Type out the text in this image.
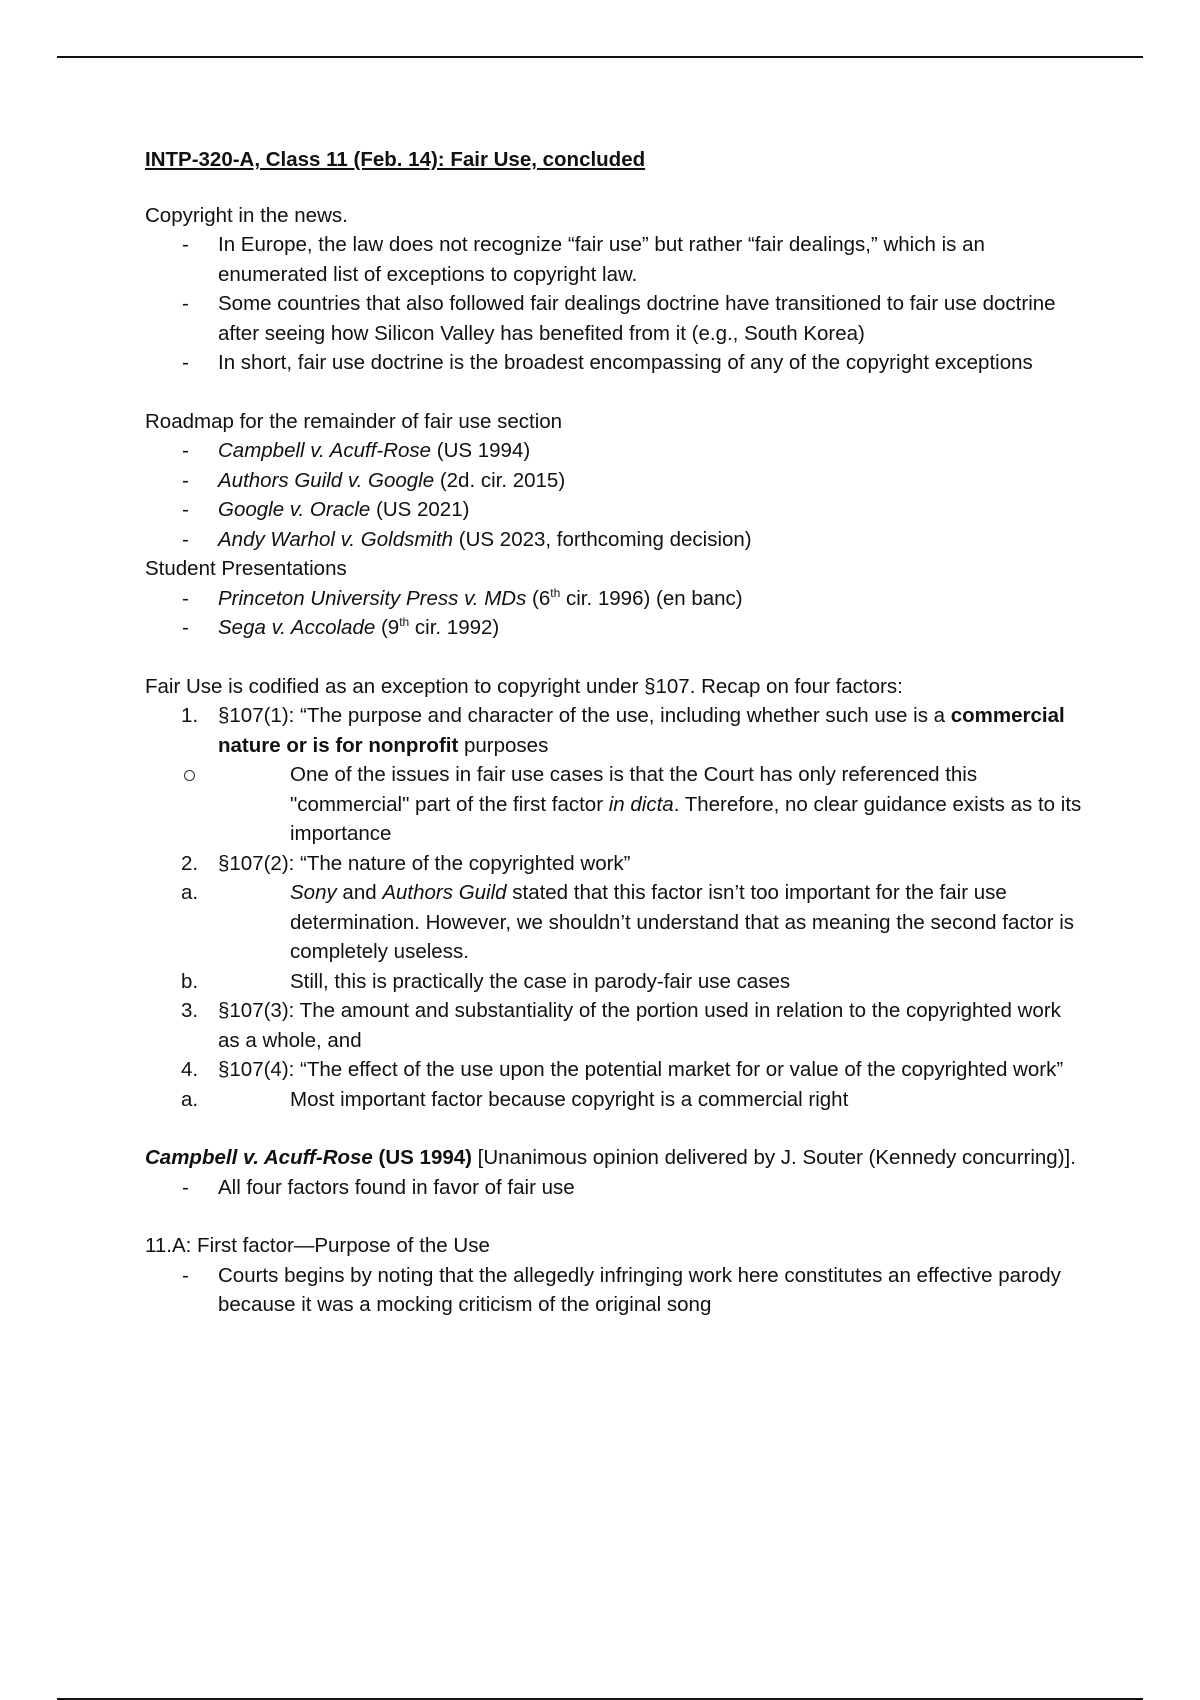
INTP-320-A, Class 11 (Feb. 14): Fair Use, concluded

Copyright in the news.

-	In Europe, the law does not recognize “fair use” but rather “fair dealings,” which is an enumerated list of exceptions to copyright law.
-	Some countries that also followed fair dealings doctrine have transitioned to fair use doctrine after seeing how Silicon Valley has benefited from it (e.g., South Korea)
-	In short, fair use doctrine is the broadest encompassing of any of the copyright exceptions

Roadmap for the remainder of fair use section

-	Campbell v. Acuff-Rose (US 1994)
-	Authors Guild v. Google (2d. cir. 2015)
-	Google v. Oracle (US 2021)
-	Andy Warhol v. Goldsmith (US 2023, forthcoming decision)

Student Presentations

-	Princeton University Press v. MDs (6th cir. 1996) (en banc)
-	Sega v. Accolade (9th cir. 1992)

Fair Use is codified as an exception to copyright under §107. Recap on four factors:

1. §107(1): “The purpose and character of the use, including whether such use is a commercial nature or is for nonprofit purposes
One of the issues in fair use cases is that the Court has only referenced this "commercial" part of the first factor in dicta. Therefore, no clear guidance exists as to its importance
2. §107(2): “The nature of the copyrighted work”
a.	Sony and Authors Guild stated that this factor isn’t too important for the fair use determination. However, we shouldn’t understand that as meaning the second factor is completely useless.
b.	Still, this is practically the case in parody-fair use cases
3. §107(3): The amount and substantiality of the portion used in relation to the copyrighted work as a whole, and
4. §107(4): “The effect of the use upon the potential market for or value of the copyrighted work”
a.	Most important factor because copyright is a commercial right

Campbell v. Acuff-Rose (US 1994) [Unanimous opinion delivered by J. Souter (Kennedy concurring)].

-	All four factors found in favor of fair use

11.A: First factor—Purpose of the Use

-	Courts begins by noting that the allegedly infringing work here constitutes an effective parody because it was a mocking criticism of the original song
